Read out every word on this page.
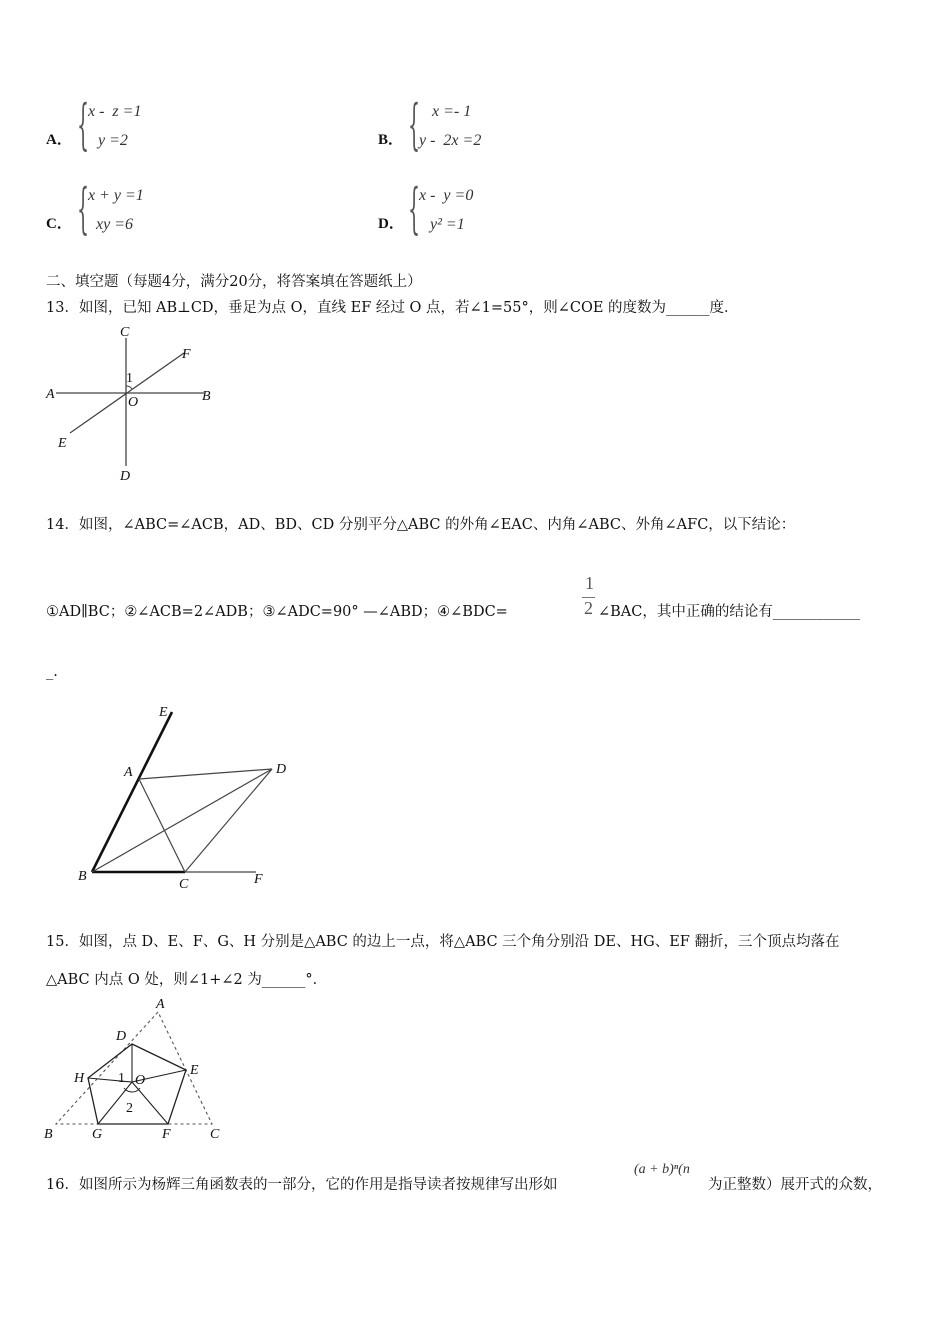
A． {
x -  z =1
y =2	B． { x =- 1
y -  2x =2
C． {
x + y =1
xy =6	D． {
x -  y =0
y² =1
二、填空题（每题4分，满分20分，将答案填在答题纸上）
13．如图，已知 AB⊥CD，垂足为点 O，直线 EF 经过 O 点，若∠1=55°，则∠COE 的度数为______度．
C
F
A	B
1
O
E
D
14．如图，∠ABC=∠ACB，AD、BD、CD 分别平分△ABC 的外角∠EAC、内角∠ABC、外角∠AFC，以下结论：
①AD∥BC；②∠ACB=2∠ADB；③∠ADC=90° —∠ABD；④∠BDC=
1
2 ∠BAC，其中正确的结论有____________
_.
E
A	D
B
C	F
15．如图，点 D、E、F、G、H 分别是△ABC 的边上一点，将△ABC 三个角分别沿 DE、HG、EF 翻折，三个顶点均落在
△ABC 内点 O 处，则∠1+∠2 为______°．
A
D
E
H 1 O
2
B	G	F	C
16．如图所示为杨辉三角函数表的一部分，它的作用是指导读者按规律写出形如
(a + b)ⁿ(n
为正整数）展开式的众数，
